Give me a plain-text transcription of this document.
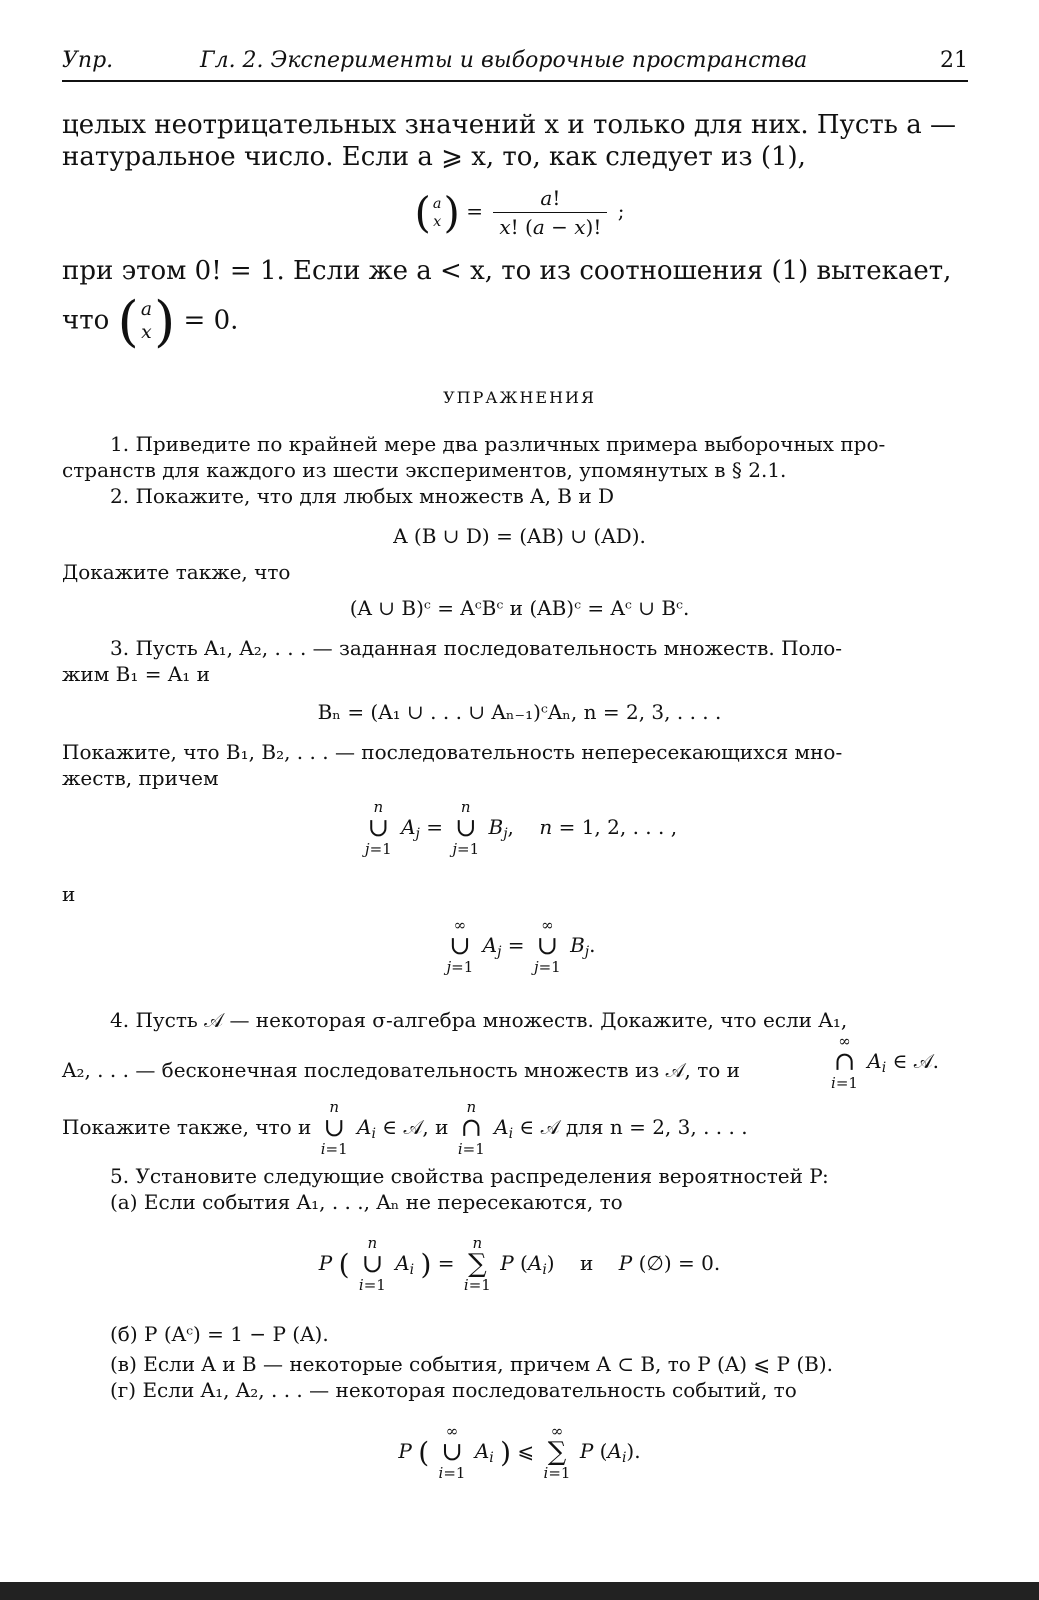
Упр.	Гл. 2. Эксперименты и выборочные пространства	21
целых неотрицательных значений x и только для них. Пусть a —
натуральное число. Если a ⩾ x, то, как следует из (1),
( a
x ) = $\frac{a!}{x! (a - x)!}$ ;
при этом 0! = 1. Если же a < x, то из соотношения (1) вытекает,
что ( a
x ) = 0.
УПРАЖНЕНИЯ
1. Приведите по крайней мере два различных примера выборочных про-
странств для каждого из шести экспериментов, упомянутых в § 2.1.
2. Покажите, что для любых множеств A, B и D
A (B ∪ D) = (AB) ∪ (AD).
Докажите также, что
(A ∪ B)ᶜ = AᶜBᶜ и (AB)ᶜ = Aᶜ ∪ Bᶜ.
3. Пусть A₁, A₂, . . . — заданная последовательность множеств. Поло-
жим B₁ = A₁ и
Bₙ = (A₁ ∪ . . . ∪ Aₙ₋₁)ᶜAₙ, n = 2, 3, . . . .
Покажите, что B₁, B₂, . . . — последовательность непересекающихся мно-
жеств, причем
n
∪
j=1
$A_j$ =
n
∪
j=1
$B_j$,    n = 1, 2, . . . ,
и
∞
∪
j=1
$A_j$ =
∞
∪
j=1
$B_j$.
4. Пусть 𝒜 — некоторая σ-алгебра множеств. Докажите, что если A₁,
A₂, . . . — бесконечная последовательность множеств из 𝒜, то и
∞
∩
i=1
$A_i$ ∈ 𝒜.
Покажите также, что и
n
∪
i=1
$A_i$ ∈ 𝒜, и
n
∩
i=1
$A_i$ ∈ 𝒜 для n = 2, 3, . . . .
5. Установите следующие свойства распределения вероятностей P:
(а) Если события A₁, . . ., Aₙ не пересекаются, то
P (
n
∪
i=1
$A_i$ ) =
n
∑
i=1
P $(A_i)$    и    P (∅) = 0.
(б) P (Aᶜ) = 1 − P (A).
(в) Если A и B — некоторые события, причем A ⊂ B, то P (A) ⩽ P (B).
(г) Если A₁, A₂, . . . — некоторая последовательность событий, то
P (
∞
∪
i=1
$A_i$ ) ⩽
∞
∑
i=1
P $(A_i)$.
